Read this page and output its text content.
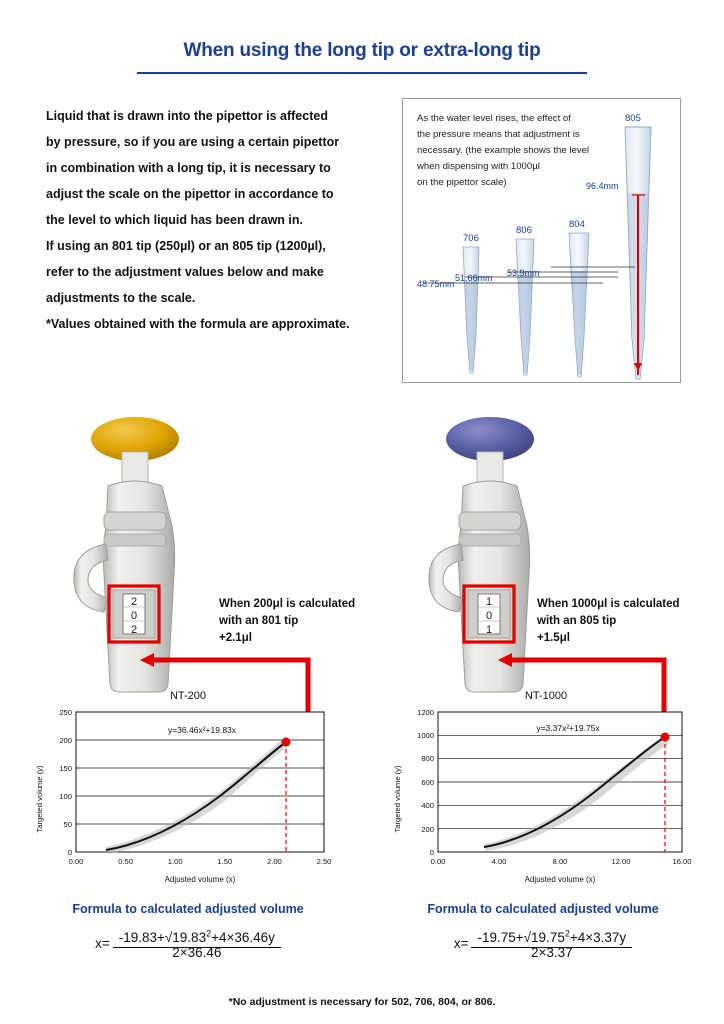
When using the long tip or extra-long tip

Liquid that is drawn into the pipettor is affected

by pressure, so if you are using a certain pipettor

in combination with a long tip, it is necessary to

adjust the scale on the pipettor in accordance to

the level to which liquid has been drawn in.

If using an 801 tip (250µl) or an 805 tip (1200µl),

refer to the adjustment values below and make

adjustments to the scale.

*Values obtained with the formula are approximate.

As the water level rises, the effect of
the pressure means that adjustment is
necessary. (the example shows the level
when dispensing with 1000µl
on the pipettor scale)
706
806
804
805
48.75mm
51.66mm 53.9mm
96.4mm
2
0
2
1
0
1
When 200μl is calculated
with an 801 tip
+2.1μl
When 1000μl is calculated
with an 805 tip
+1.5μl
NT-200
Targeted volume (y)
250
200
150
100
50
0
0.00	0.50	1.00	1.50	2.00	2.50
Adjusted volume (x)
y=36.46x²+19.83x
NT-1000
Targeted volume (y)
1200
1000
800
600
400
200
0
0.00	4.00	8.00	12.00	16.00
Adjusted volume (x)
y=3.37x²+19.75x
Formula to calculated adjusted volume
$x= -19.83+√19.83^2+4\times 36.46y$
2×36.46
Formula to calculated adjusted volume
$x= -19.75+√19.75^2+4\times 3.37y$
2×3.37
*No adjustment is necessary for 502, 706, 804, or 806.
